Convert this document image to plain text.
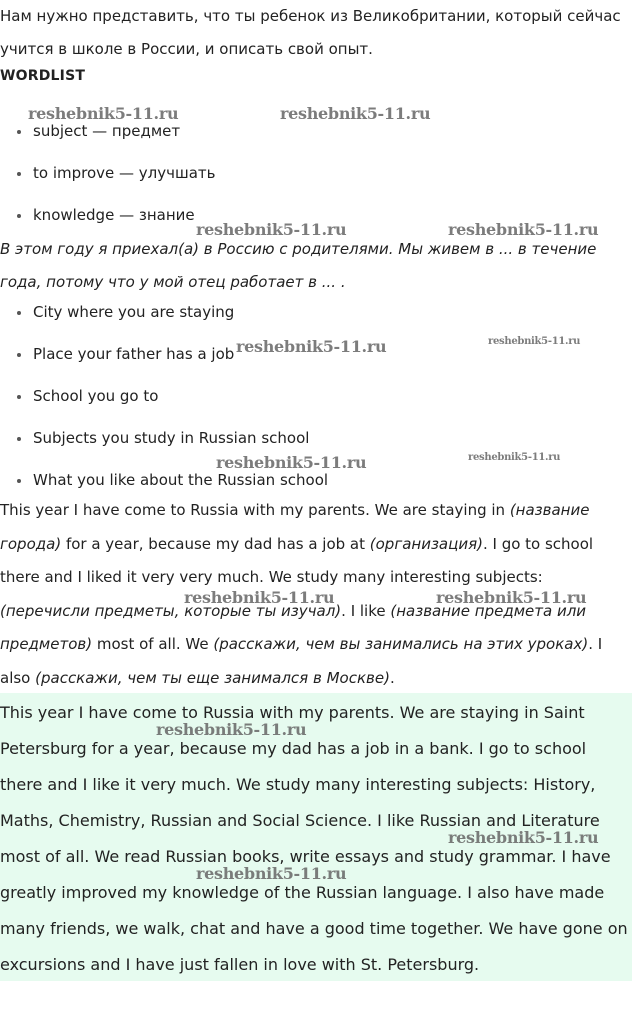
Нам нужно представить, что ты ребенок из Великобритании, который сейчас учится в школе в России, и описать свой опыт.
WORDLIST
subject — предмет
to improve — улучшать
knowledge — знание
В этом году я приехал(а) в Россию с родителями. Мы живем в ... в течение года, потому что у мой отец работает в ... .
City where you are staying
Place your father has a job
School you go to
Subjects you study in Russian school
What you like about the Russian school
This year I have come to Russia with my parents. We are staying in (название города) for a year, because my dad has a job at (организация). I go to school there and I liked it very very much. We study many interesting subjects: (перечисли предметы, которые ты изучал). I like (название предмета или предметов) most of all. We (расскажи, чем вы занимались на этих уроках). I also (расскажи, чем ты еще занимался в Москве).
This year I have come to Russia with my parents. We are staying in Saint Petersburg for a year, because my dad has a job in a bank. I go to school there and I like it very much. We study many interesting subjects: History, Maths, Chemistry, Russian and Social Science. I like Russian and Literature most of all. We read Russian books, write essays and study grammar. I have greatly improved my knowledge of the Russian language. I also have made many friends, we walk, chat and have a good time together. We have gone on excursions and I have just fallen in love with St. Petersburg.
reshebnik5-11.ru	reshebnik5-11.ru
reshebnik5-11.ru	reshebnik5-11.ru
reshebnik5-11.ru	reshebnik5-11.ru
reshebnik5-11.ru	reshebnik5-11.ru
reshebnik5-11.ru	reshebnik5-11.ru
reshebnik5-11.ru
reshebnik5-11.ru
reshebnik5-11.ru
